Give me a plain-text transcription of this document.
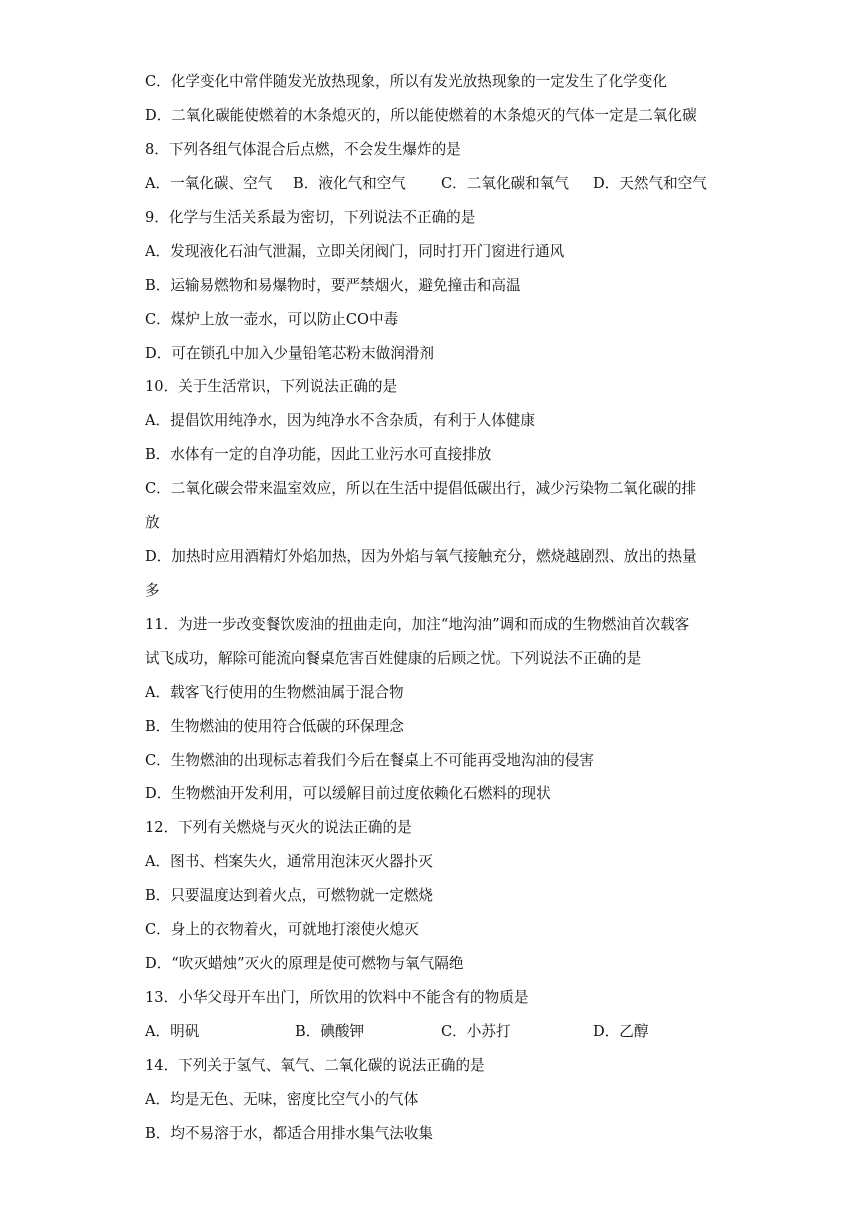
C．化学变化中常伴随发光放热现象，所以有发光放热现象的一定发生了化学变化
D．二氧化碳能使燃着的木条熄灭的，所以能使燃着的木条熄灭的气体一定是二氧化碳
8．下列各组气体混合后点燃，不会发生爆炸的是
A．一氧化碳、空气 B．液化气和空气 C．二氧化碳和氧气 D．天然气和空气
9．化学与生活关系最为密切，下列说法不正确的是
A．发现液化石油气泄漏，立即关闭阀门，同时打开门窗进行通风
B．运输易燃物和易爆物时，要严禁烟火，避免撞击和高温
C．煤炉上放一壶水，可以防止CO中毒
D．可在锁孔中加入少量铅笔芯粉末做润滑剂
10．关于生活常识，下列说法正确的是
A．提倡饮用纯净水，因为纯净水不含杂质，有利于人体健康
B．水体有一定的自净功能，因此工业污水可直接排放
C．二氧化碳会带来温室效应，所以在生活中提倡低碳出行，减少污染物二氧化碳的排
放
D．加热时应用酒精灯外焰加热，因为外焰与氧气接触充分，燃烧越剧烈、放出的热量
多
11．为进一步改变餐饮废油的扭曲走向，加注“地沟油”调和而成的生物燃油首次载客
试飞成功，解除可能流向餐桌危害百姓健康的后顾之忧。下列说法不正确的是
A．载客飞行使用的生物燃油属于混合物
B．生物燃油的使用符合低碳的环保理念
C．生物燃油的出现标志着我们今后在餐桌上不可能再受地沟油的侵害
D．生物燃油开发利用，可以缓解目前过度依赖化石燃料的现状
12．下列有关燃烧与灭火的说法正确的是
A．图书、档案失火，通常用泡沫灭火器扑灭
B．只要温度达到着火点，可燃物就一定燃烧
C．身上的衣物着火，可就地打滚使火熄灭
D．“吹灭蜡烛”灭火的原理是使可燃物与氧气隔绝
13．小华父母开车出门，所饮用的饮料中不能含有的物质是
A．明矾	B．碘酸钾	C．小苏打	D．乙醇
14．下列关于氢气、氧气、二氧化碳的说法正确的是
A．均是无色、无味，密度比空气小的气体
B．均不易溶于水，都适合用排水集气法收集
